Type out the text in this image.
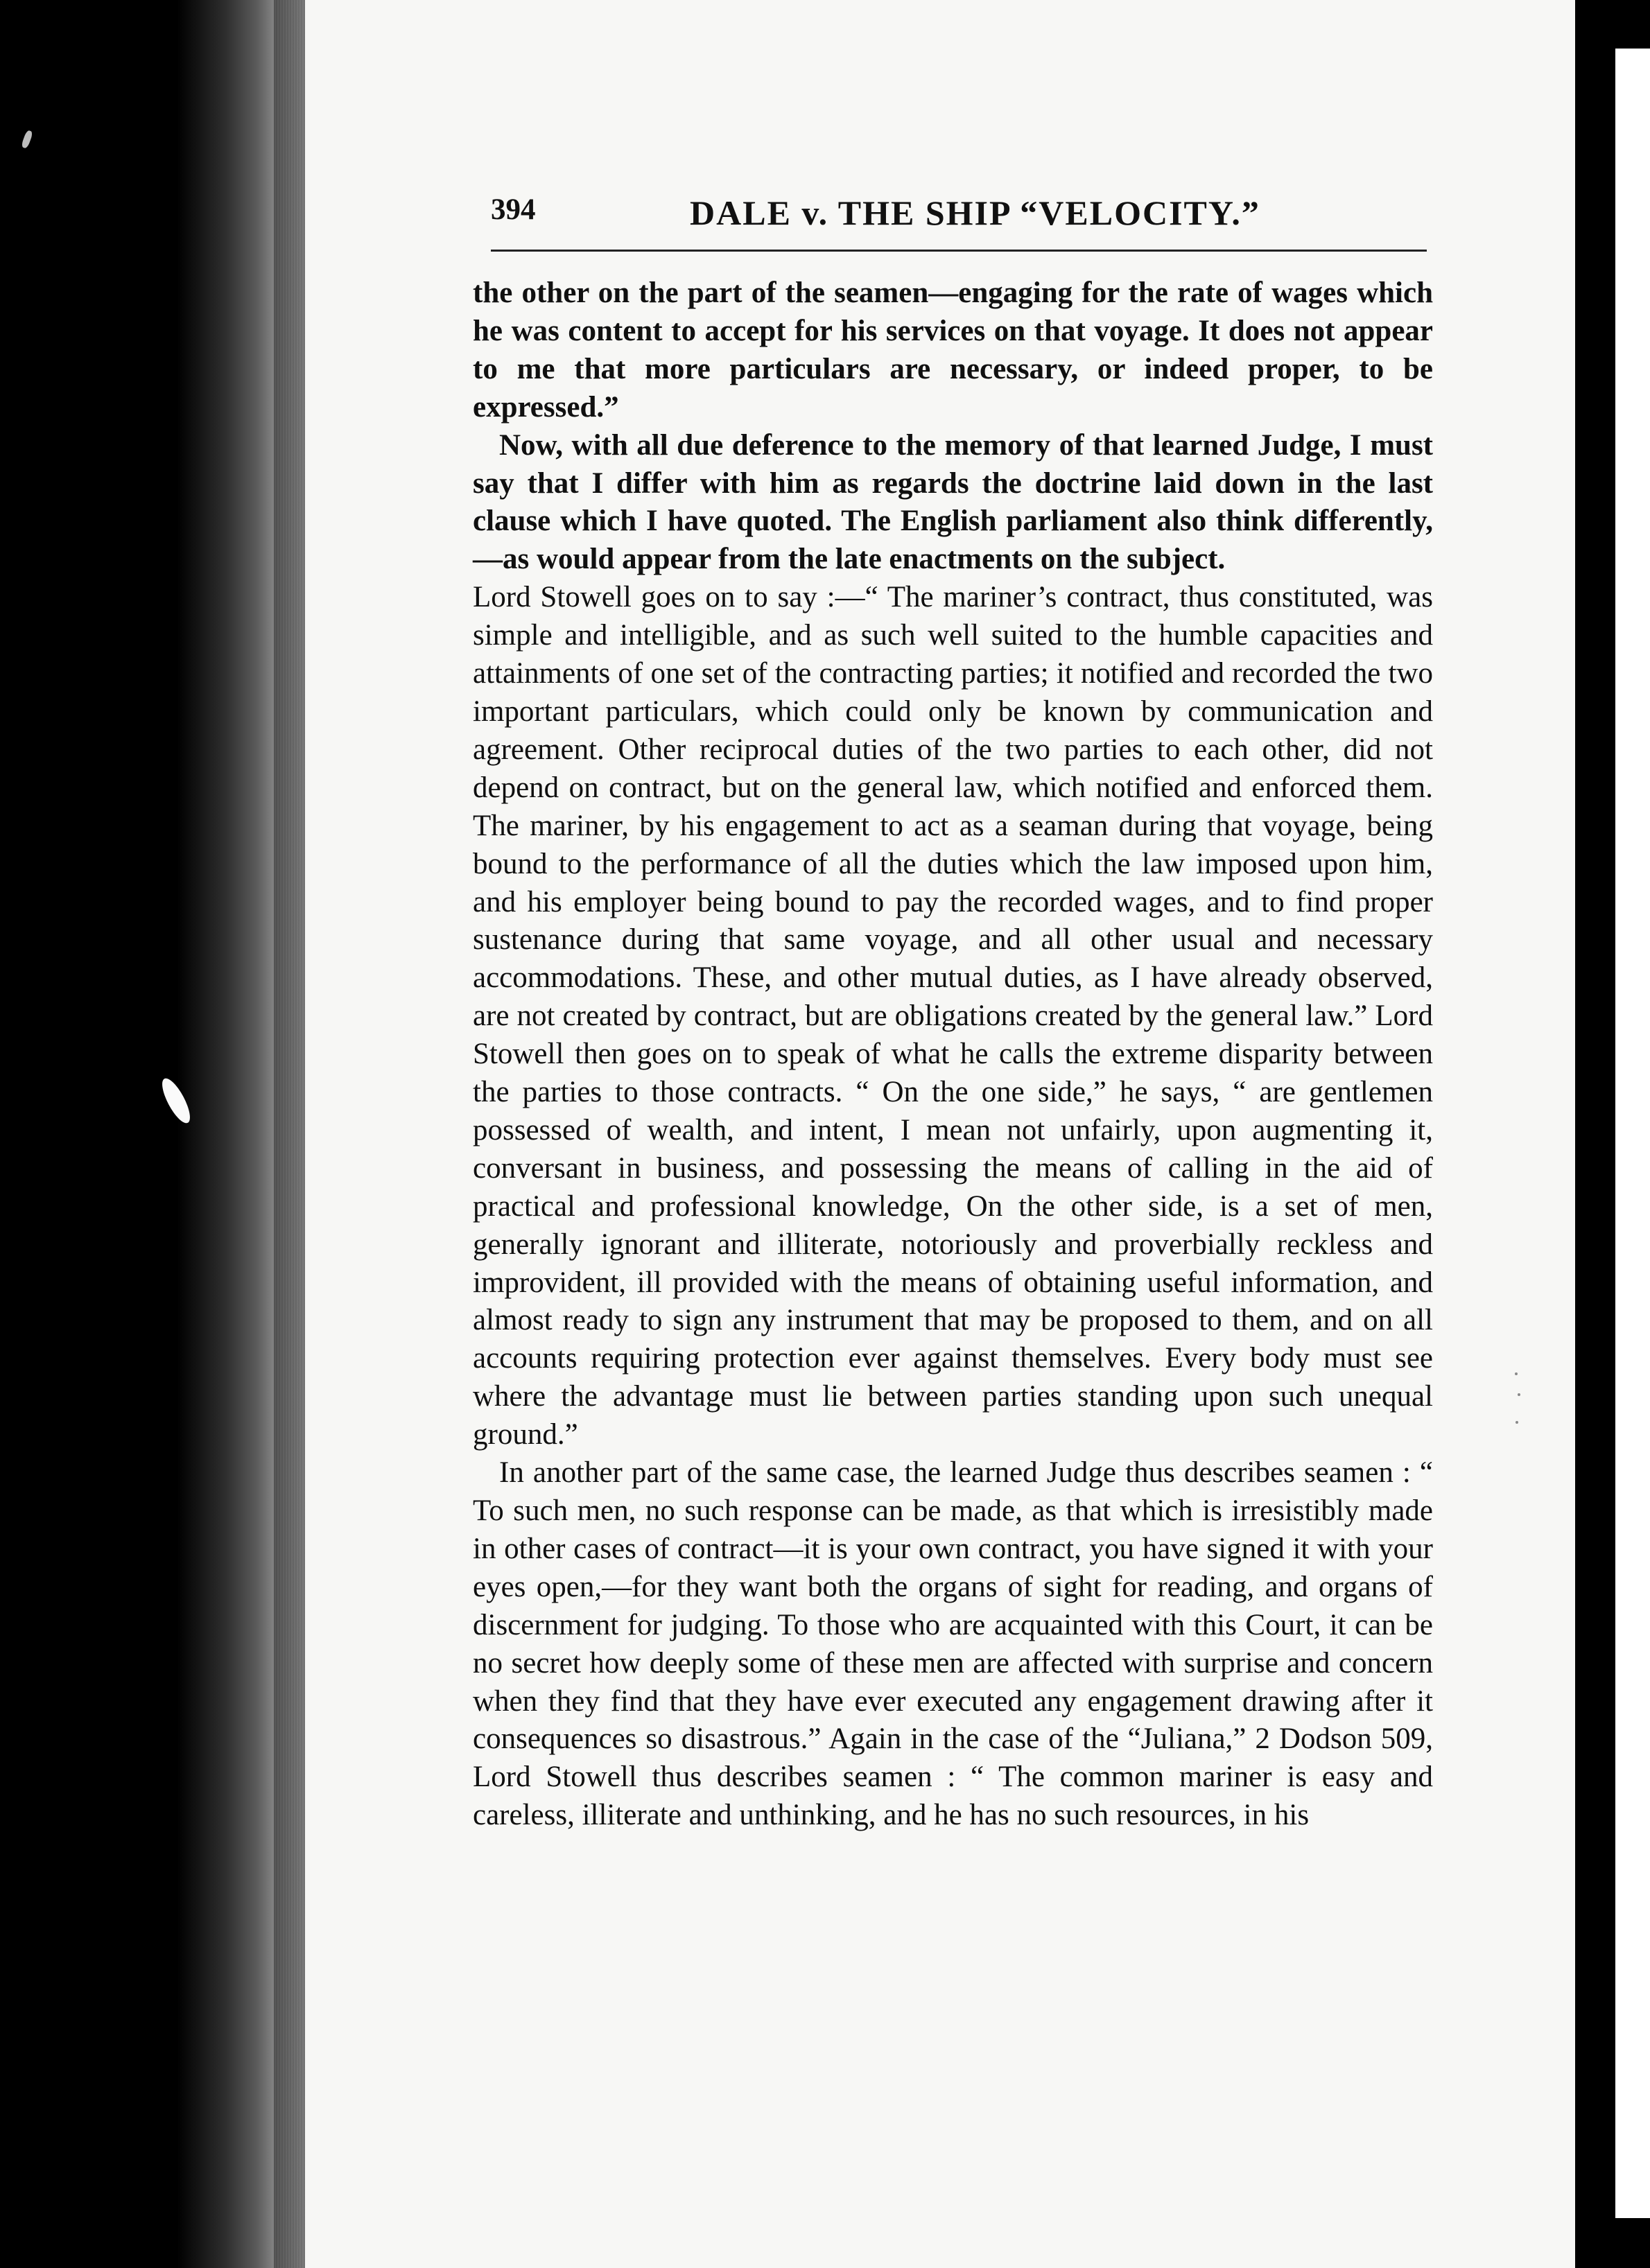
394	DALE v. THE SHIP “VELOCITY.”

the other on the part of the seamen—engaging for the rate of wages which he was content to accept for his services on that voyage. It does not appear to me that more particulars are necessary, or indeed proper, to be expressed.”

Now, with all due deference to the memory of that learned Judge, I must say that I differ with him as regards the doctrine laid down in the last clause which I have quoted. The English parliament also think differently,—as would appear from the late enactments on the subject.

Lord Stowell goes on to say :—“ The mariner’s contract, thus constituted, was simple and intelligible, and as such well suited to the humble capacities and attainments of one set of the contracting parties; it notified and recorded the two important particulars, which could only be known by communication and agreement. Other reciprocal duties of the two parties to each other, did not depend on contract, but on the general law, which notified and enforced them. The mariner, by his engagement to act as a seaman during that voyage, being bound to the performance of all the duties which the law imposed upon him, and his employer being bound to pay the recorded wages, and to find proper sustenance during that same voyage, and all other usual and necessary accommodations. These, and other mutual duties, as I have already observed, are not created by contract, but are obligations created by the general law.” Lord Stowell then goes on to speak of what he calls the extreme disparity between the parties to those contracts. “ On the one side,” he says, “ are gentlemen possessed of wealth, and intent, I mean not unfairly, upon augmenting it, conversant in business, and possessing the means of calling in the aid of practical and professional knowledge, On the other side, is a set of men, generally ignorant and illiterate, notoriously and proverbially reckless and improvident, ill provided with the means of obtaining useful information, and almost ready to sign any instrument that may be proposed to them, and on all accounts requiring protection ever against themselves. Every body must see where the advantage must lie between parties standing upon such unequal ground.”

In another part of the same case, the learned Judge thus describes seamen : “ To such men, no such response can be made, as that which is irresistibly made in other cases of contract—it is your own contract, you have signed it with your eyes open,—for they want both the organs of sight for reading, and organs of discernment for judging. To those who are acquainted with this Court, it can be no secret how deeply some of these men are affected with surprise and concern when they find that they have ever executed any engagement drawing after it consequences so disastrous.” Again in the case of the “Juliana,” 2 Dodson 509, Lord Stowell thus describes seamen : “ The common mariner is easy and careless, illiterate and unthinking, and he has no such resources, in his
